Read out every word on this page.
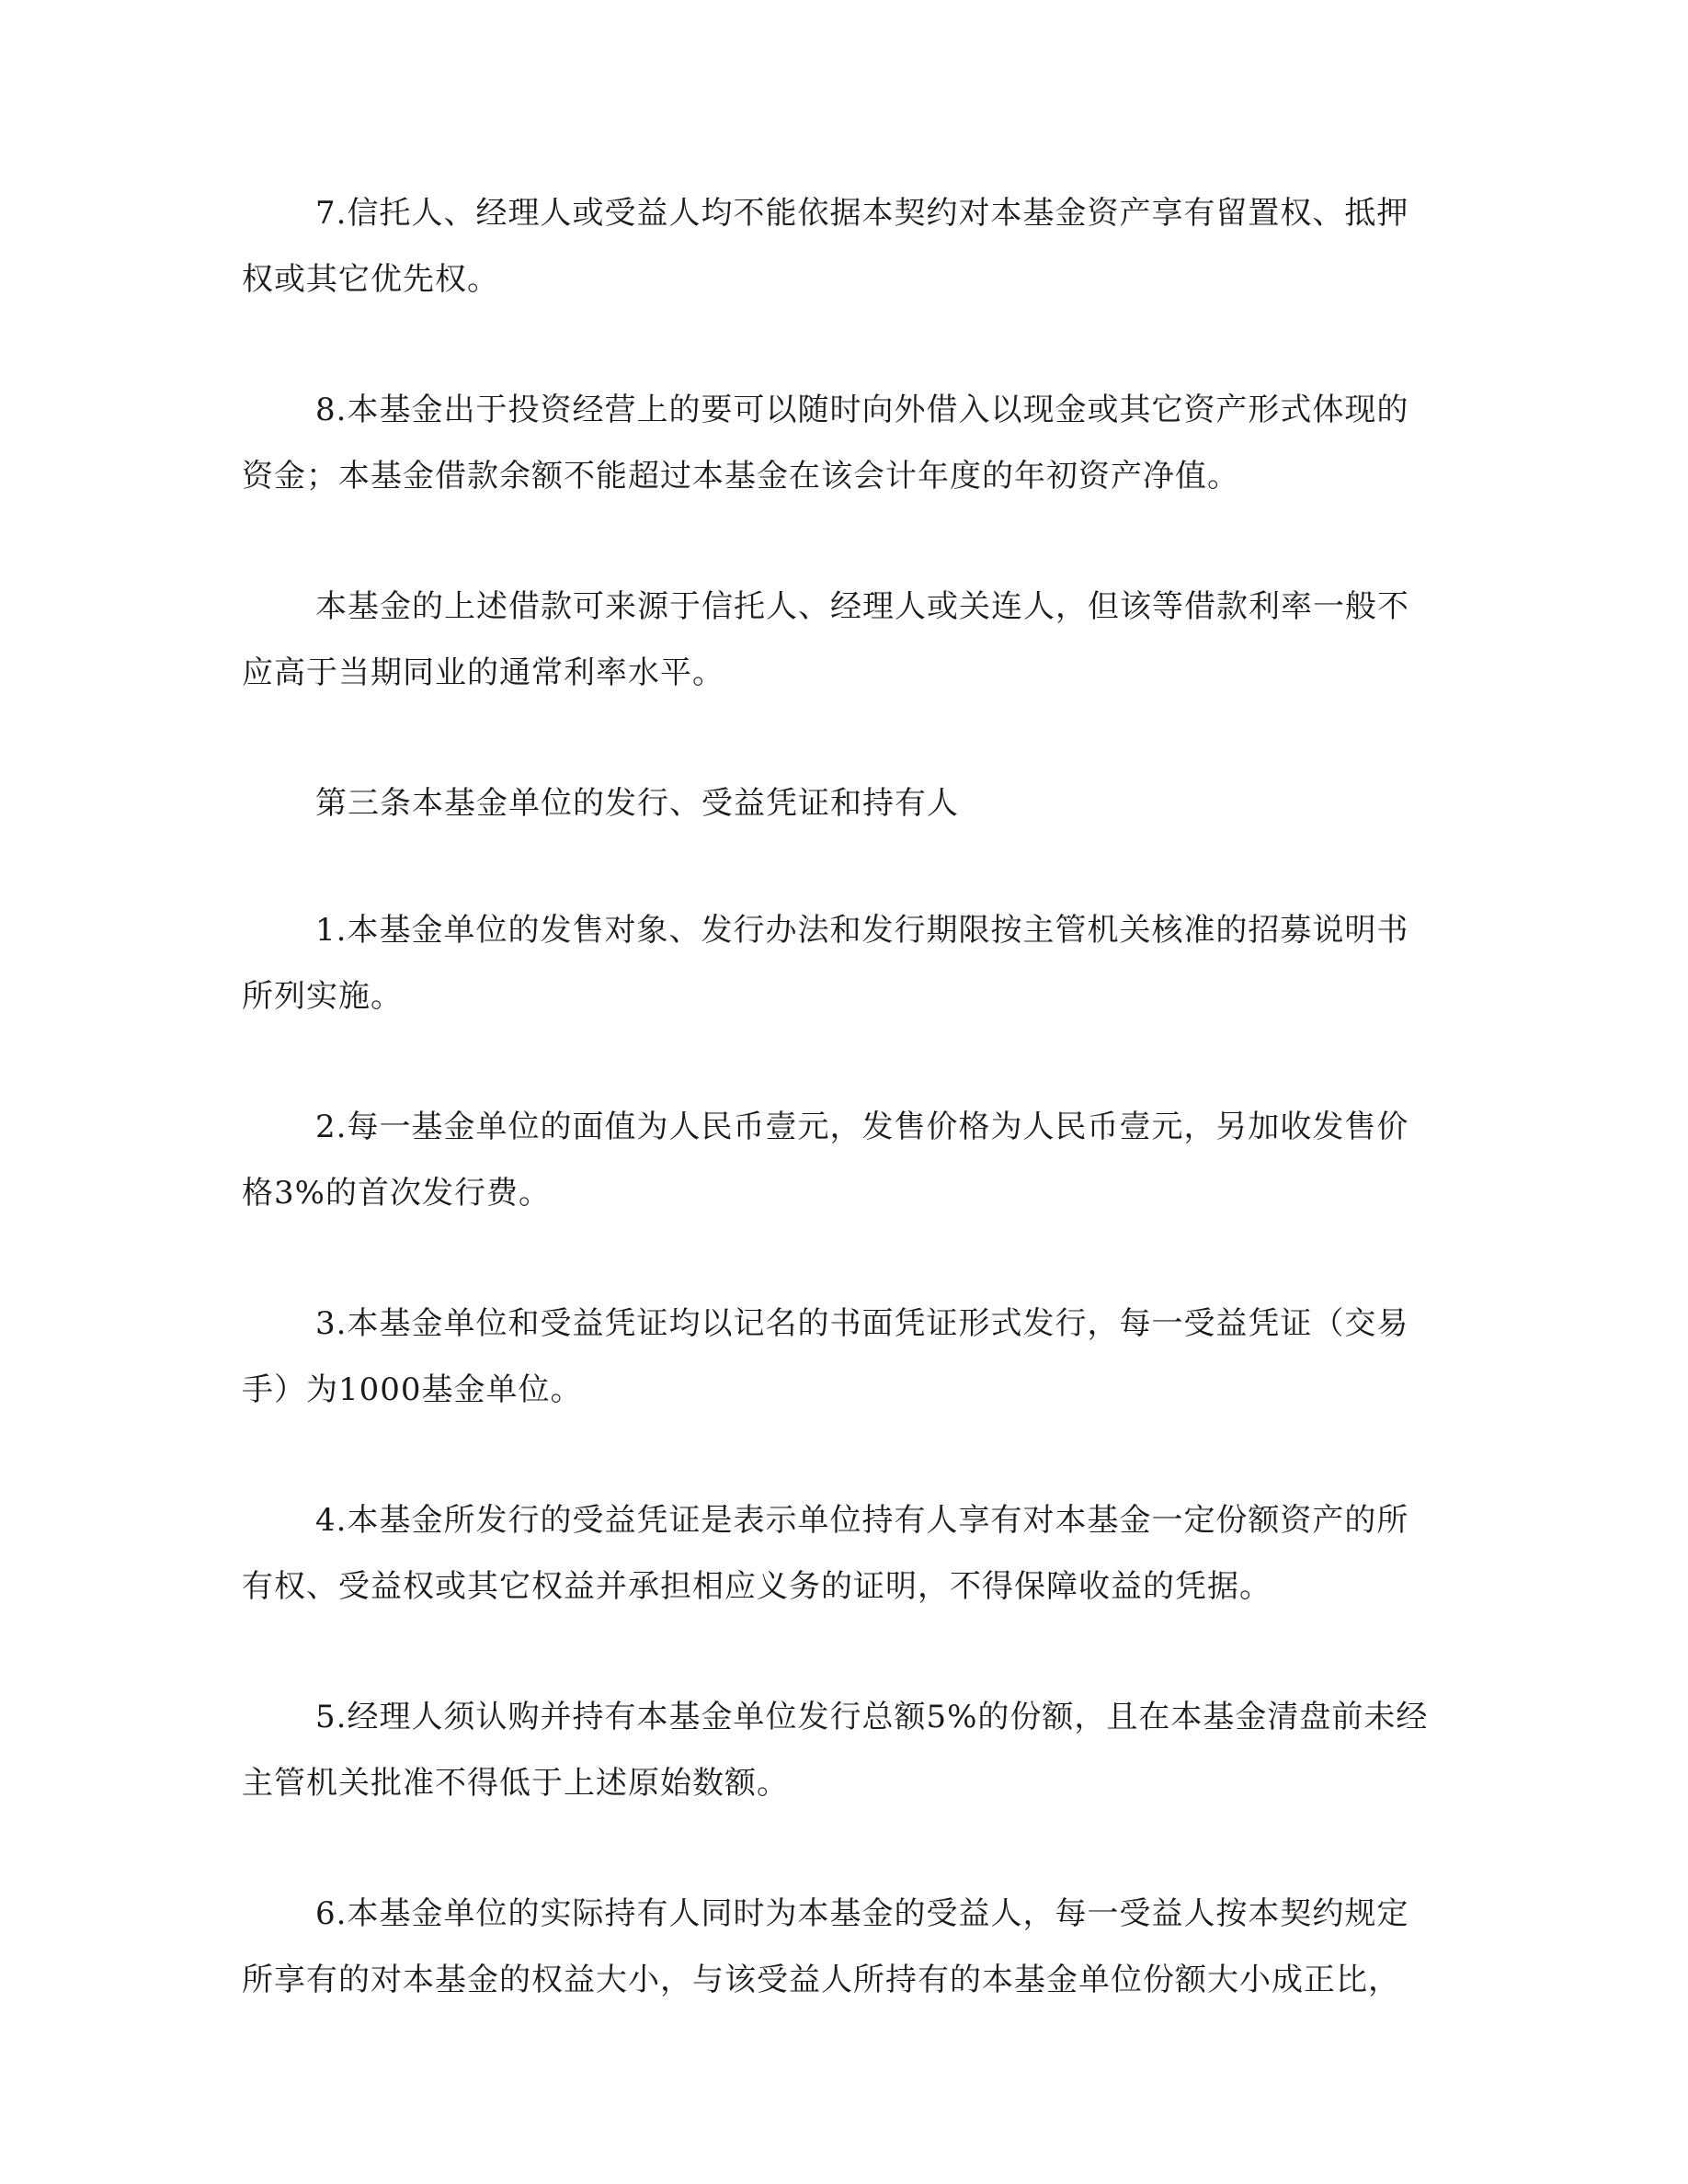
7.信托人、经理人或受益人均不能依据本契约对本基金资产享有留置权、抵押
权或其它优先权。
8.本基金出于投资经营上的要可以随时向外借入以现金或其它资产形式体现的
资金；本基金借款余额不能超过本基金在该会计年度的年初资产净值。
本基金的上述借款可来源于信托人、经理人或关连人，但该等借款利率一般不
应高于当期同业的通常利率水平。
第三条本基金单位的发行、受益凭证和持有人
1.本基金单位的发售对象、发行办法和发行期限按主管机关核准的招募说明书
所列实施。
2.每一基金单位的面值为人民币壹元，发售价格为人民币壹元，另加收发售价
格3%的首次发行费。
3.本基金单位和受益凭证均以记名的书面凭证形式发行，每一受益凭证（交易
手）为1000基金单位。
4.本基金所发行的受益凭证是表示单位持有人享有对本基金一定份额资产的所
有权、受益权或其它权益并承担相应义务的证明，不得保障收益的凭据。
5.经理人须认购并持有本基金单位发行总额5%的份额，且在本基金清盘前未经
主管机关批准不得低于上述原始数额。
6.本基金单位的实际持有人同时为本基金的受益人，每一受益人按本契约规定
所享有的对本基金的权益大小，与该受益人所持有的本基金单位份额大小成正比，
